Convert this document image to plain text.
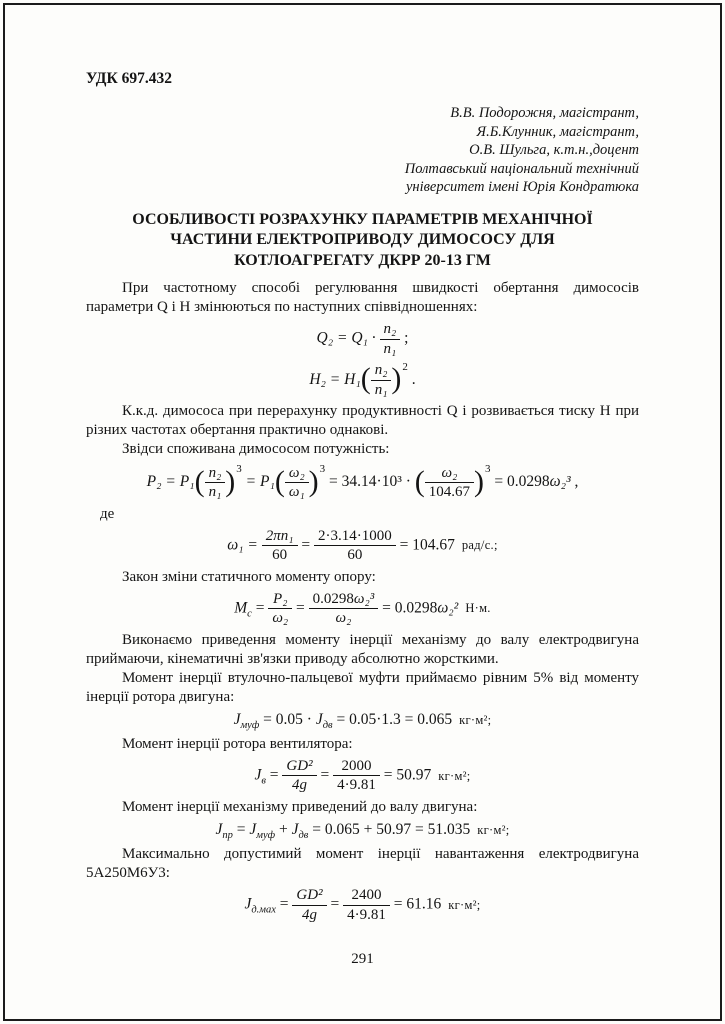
УДК 697.432

В.В. Подорожня, магістрант,
Я.Б.Клунник, магістрант,
О.В. Шульга, к.т.н.,доцент
Полтавський національний технічний
університет імені Юрія Кондратюка
ОСОБЛИВОСТІ РОЗРАХУНКУ ПАРАМЕТРІВ МЕХАНІЧНОЇ
ЧАСТИНИ ЕЛЕКТРОПРИВОДУ ДИМОСОСУ ДЛЯ
КОТЛОАГРЕГАТУ ДКРР 20-13 ГМ

При частотному способі регулювання швидкості обертання димососів параметри Q і Н змінюються по наступних співвідношеннях:

$Q_2 = Q_1 \cdot \frac{\text{n₂}}{\text{n₁}}$ ;
$H_2 = H_1( \frac{\text{n₂}}{\text{n₁}} )^2$ .

К.к.д. димососа при перерахунку продуктивності Q і розвивається тиску Н при різних частотах обертання практично однакові.

Звідси споживана димососом потужність:

$P_2 = P_1( \frac{\text{n₂}}{\text{n₁}} )^3 = P_1( \frac{\text{ω₂}}{\text{ω₁}} )^3 = 34.14\cdot 10^3$ · ( $\frac{\text{ω₂}}{104.67} )^3 = 0.0298\omega_2^3$ ,

де

$\omega_1 = \frac{\text{2πn₁}}{60} = \frac{2\cdot 3.14\cdot 1000}{60} = 104.67$ рад/с.;

Закон зміни статичного моменту опору:

$M_с = \frac{\text{P₂}}{\text{ω₂}} = \frac{\text{0.0298ω₂³}}{\text{ω₂}} = 0.0298\omega_2^2$ Н·м.

Виконаємо приведення моменту інерції механізму до валу електродвигуна приймаючи, кінематичні зв'язки приводу абсолютно жорсткими.

Момент інерції втулочно-пальцевої муфти приймаємо рівним 5% від моменту інерції ротора двигуна:

$J_{муф} = 0.05 \cdot J_{дв} = 0.05\cdot 1.3 = 0.065$ кг·м²;

Момент інерції ротора вентилятора:

$J_в = \frac{\text{GD²}}{4g} = \frac{2000}{4\cdot 9.81} = 50.97$ кг·м²;

Момент інерції механізму приведений до валу двигуна:

$J_{пр} = J_{муф} + J_{дв} = 0.065 + 50.97 = 51.035$ кг·м²;

Максимально допустимий момент інерції навантаження електродвигуна 5А250М6У3:

$J_{д.мах} = \frac{\text{GD²}}{4g} = \frac{2400}{4\cdot 9.81} = 61.16$ кг·м²;
291
